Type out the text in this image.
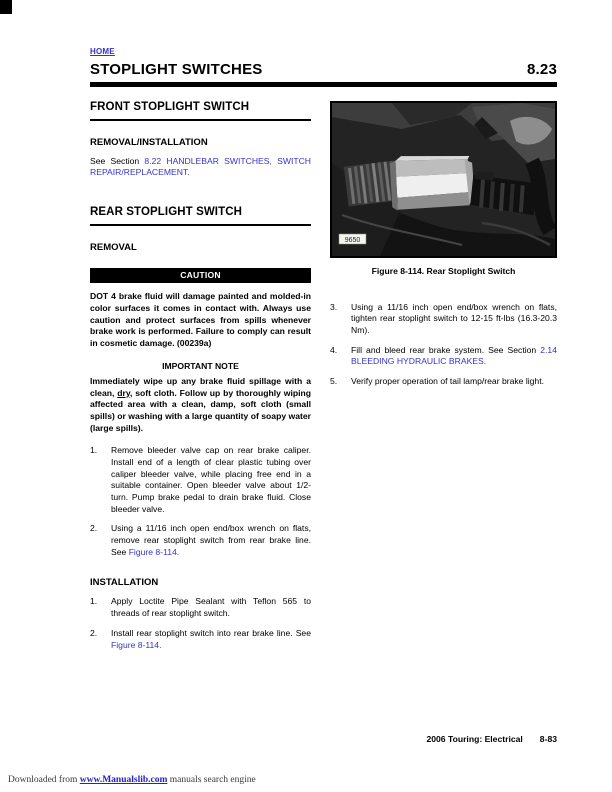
HOME
STOPLIGHT SWITCHES	8.23
FRONT STOPLIGHT SWITCH
REMOVAL/INSTALLATION

See Section 8.22 HANDLEBAR SWITCHES, SWITCH REPAIR/REPLACEMENT.

REAR STOPLIGHT SWITCH
REMOVAL
CAUTION

DOT 4 brake fluid will damage painted and molded-in color surfaces it comes in contact with. Always use caution and protect surfaces from spills whenever brake work is performed. Failure to comply can result in cosmetic damage. (00239a)

IMPORTANT NOTE

Immediately wipe up any brake fluid spillage with a clean, dry, soft cloth. Follow up by thoroughly wiping affected area with a clean, damp, soft cloth (small spills) or washing with a large quantity of soapy water (large spills).

1.	Remove bleeder valve cap on rear brake caliper. Install end of a length of clear plastic tubing over caliper bleeder valve, while placing free end in a suitable container. Open bleeder valve about 1/2-turn. Pump brake pedal to drain brake fluid. Close bleeder valve.
2.	Using a 11/16 inch open end/box wrench on flats, remove rear stoplight switch from rear brake line. See Figure 8-114.
INSTALLATION
1.	Apply Loctite Pipe Sealant with Teflon 565 to threads of rear stoplight switch.
2.	Install rear stoplight switch into rear brake line. See Figure 8-114.
9650
Figure 8-114. Rear Stoplight Switch
3.	Using a 11/16 inch open end/box wrench on flats, tighten rear stoplight switch to 12-15 ft-lbs (16.3-20.3 Nm).
4.	Fill and bleed rear brake system. See Section 2.14 BLEEDING HYDRAULIC BRAKES.
5.	Verify proper operation of tail lamp/rear brake light.
2006 Touring: Electrical 8-83
Downloaded from www.Manualslib.com manuals search engine
